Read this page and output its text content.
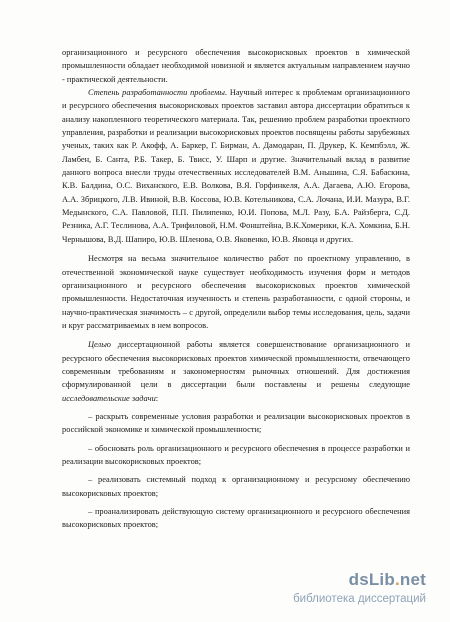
организационного и ресурсного обеспечения высокорисковых проектов в химической промышленности обладает необходимой новизной и является актуальным направлением научно - практической деятельности.

Степень разработанности проблемы. Научный интерес к проблемам организационного и ресурсного обеспечения высокорисковых проектов заставил автора диссертации обратиться к анализу накопленного теоретического материала. Так, решению проблем разработки проектного управления, разработки и реализации высокорисковых проектов посвящены работы зарубежных ученых, таких как Р. Акофф, А. Баркер, Г. Бирман, А. Дамодаран, П. Друкер, К. Кемпбэлл, Ж. Ламбен, Б. Санта, Р.Б. Такер, Б. Твисс, У. Шарп и другие. Значительный вклад в развитие данного вопроса внесли труды отечественных исследователей В.М. Аньшина, С.Я. Бабаскина, К.В. Балдина, О.С. Виханского, Е.В. Волкова, В.Я. Горфинкеля, А.А. Дагаева, А.Ю. Егорова, А.А. Збрицкого, Л.В. Ивиной, В.В. Коссова, Ю.В. Котельникова, С.А. Лочана, И.И. Мазура, В.Г. Медынского, С.А. Павловой, П.П. Пилипенко, Ю.И. Попова, М.Л. Разу, Б.А. Райзберга, С.Д. Резника, А.Г. Теслинова, А.А. Трифиловой, Н.М. Фонштейна, В.К.Хомерики, К.А. Хомкина, Б.Н. Чернышова, В.Д. Шапиро, Ю.В. Шленова, О.В. Яковенко, Ю.В. Яковца и других.

Несмотря на весьма значительное количество работ по проектному управлению, в отечественной экономической науке существует необходимость изучения форм и методов организационного и ресурсного обеспечения высокорисковых проектов химической промышленности. Недостаточная изученность и степень разработанности, с одной стороны, и научно-практическая значимость – с другой, определили выбор темы исследования, цель, задачи и круг рассматриваемых в нем вопросов.

Целью диссертационной работы является совершенствование организационного и ресурсного обеспечения высокорисковых проектов химической промышленности, отвечающего современным требованиям и закономерностям рыночных отношений. Для достижения сформулированной цели в диссертации были поставлены и решены следующие исследовательские задачи:

– раскрыть современные условия разработки и реализации высокорисковых проектов в российской экономике и химической промышленности;

– обосновать роль организационного и ресурсного обеспечения в процессе разработки и реализации высокорисковых проектов;

– реализовать системный подход к организационному и ресурсному обеспечению высокорисковых проектов;

– проанализировать действующую систему организационного и ресурсного обеспечения высокорисковых проектов;

dsLib.net
библиотека диссертаций
